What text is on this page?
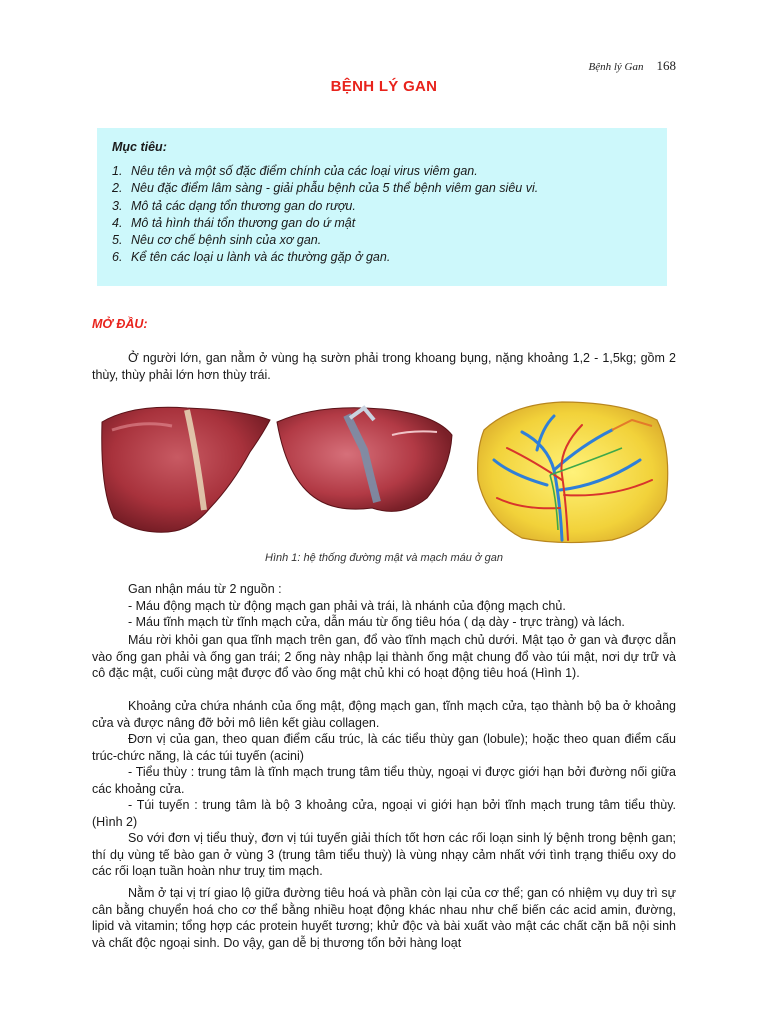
Bệnh lý Gan 168
BỆNH LÝ GAN
Mục tiêu:
1. Nêu tên và một số đặc điểm chính của các loại virus viêm gan.
2. Nêu đặc điểm lâm sàng - giải phẫu bệnh của 5 thể bệnh viêm gan siêu vi.
3. Mô tả các dạng tổn thương gan do rượu.
4. Mô tả hình thái tổn thương gan do ứ mật
5. Nêu cơ chế bệnh sinh của xơ gan.
6. Kể tên các loại u lành và ác thường gặp ở gan.
MỞ ĐẦU:

Ở người lớn, gan nằm ở vùng hạ sườn phải trong khoang bụng, nặng khoảng 1,2 - 1,5kg; gồm 2 thùy, thùy phải lớn hơn thùy trái.

Hình 1: hệ thống đường mật và mạch máu ở gan
Gan nhận máu từ 2 nguồn :
- Máu động mạch từ động mạch gan phải và trái, là nhánh của động mạch chủ.
- Máu tĩnh mạch từ tĩnh mạch cửa, dẫn máu từ ống tiêu hóa ( dạ dày - trực tràng) và lách.

Máu rời khỏi gan qua tĩnh mạch trên gan, đổ vào tĩnh mạch chủ dưới. Mật tạo ở gan và được dẫn vào ống gan phải và ống gan trái; 2 ống này nhập lại thành ống mật chung đổ vào túi mật, nơi dự trữ và cô đặc mật, cuối cùng mật được đổ vào ống mật chủ khi có hoạt động tiêu hoá (Hình 1).

Khoảng cửa chứa nhánh của ống mật, động mạch gan, tĩnh mạch cửa, tạo thành bộ ba ở khoảng cửa và được nâng đỡ bởi mô liên kết giàu collagen.

Đơn vị của gan, theo quan điểm cấu trúc, là các tiểu thùy gan (lobule); hoặc theo quan điểm cấu trúc-chức năng, là các túi tuyến (acini)

- Tiểu thùy : trung tâm là tĩnh mạch trung tâm tiểu thùy, ngoại vi được giới hạn bởi đường nối giữa các khoảng cửa.

- Túi tuyến : trung tâm là bộ 3 khoảng cửa, ngoại vi giới hạn bởi tĩnh mạch trung tâm tiểu thùy. (Hình 2)

So với đơn vị tiểu thuỳ, đơn vị túi tuyến giải thích tốt hơn các rối loạn sinh lý bệnh trong bệnh gan; thí dụ vùng tế bào gan ở vùng 3 (trung tâm tiểu thuỳ) là vùng nhạy cảm nhất với tình trạng thiếu oxy do các rối loạn tuần hoàn như truỵ tim mạch.

Nằm ở tại vị trí giao lộ giữa đường tiêu hoá và phần còn lại của cơ thể; gan có nhiệm vụ duy trì sự cân bằng chuyển hoá cho cơ thể bằng nhiều hoạt động khác nhau như chế biến các acid amin, đường, lipid và vitamin; tổng hợp các protein huyết tương; khử độc và bài xuất vào mật các chất cặn bã nội sinh và chất độc ngoại sinh. Do vậy, gan dễ bị thương tổn bởi hàng loạt
